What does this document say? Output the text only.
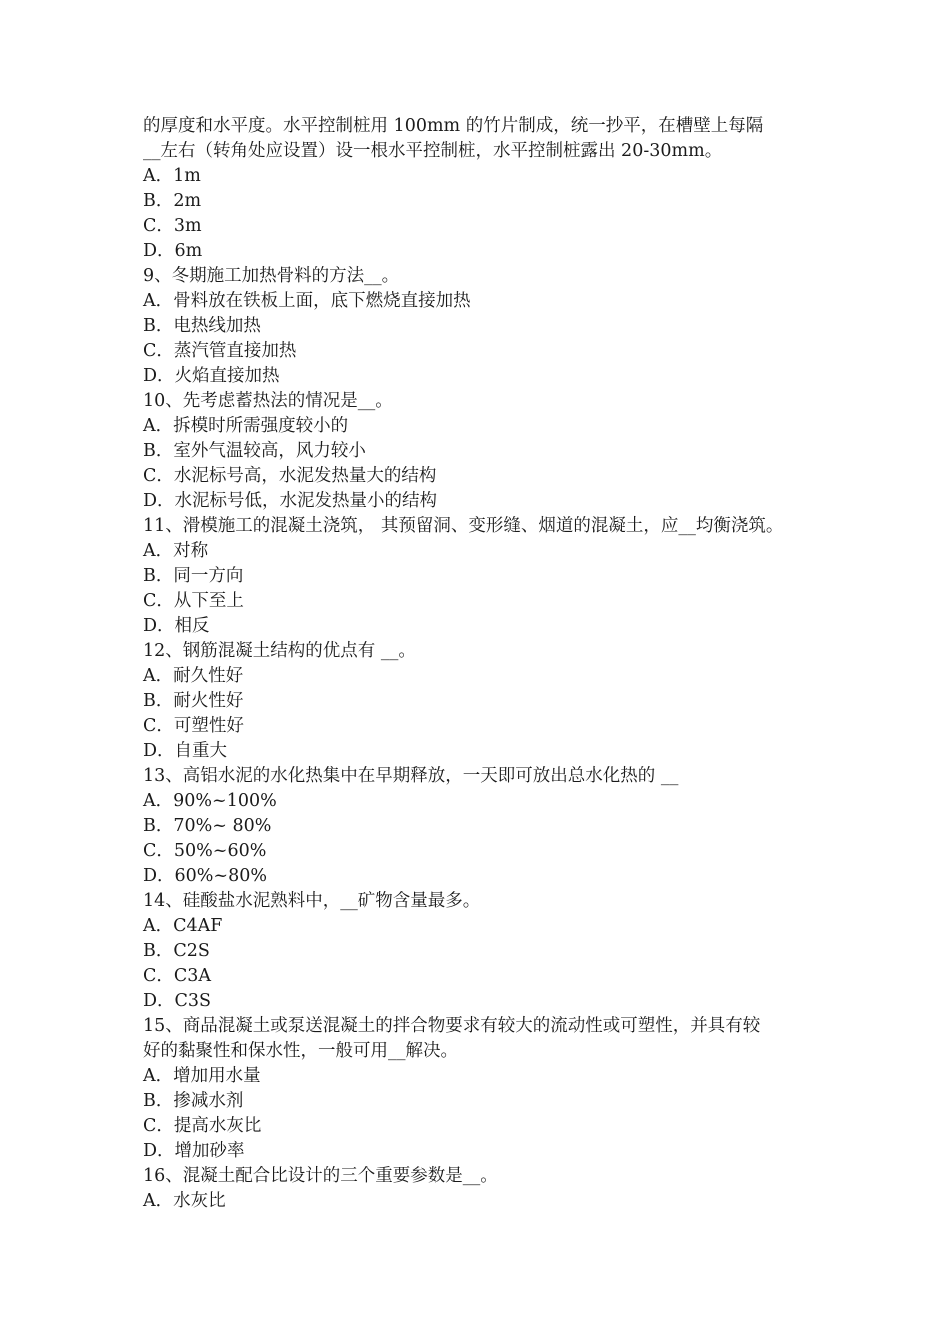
的厚度和水平度。水平控制桩用 100mm 的竹片制成，统一抄平，在槽壁上每隔
__左右（转角处应设置）设一根水平控制桩，水平控制桩露出 20-30mm。
A．1m
B．2m
C．3m
D．6m
9、冬期施工加热骨料的方法__。
A．骨料放在铁板上面，底下燃烧直接加热
B．电热线加热
C．蒸汽管直接加热
D．火焰直接加热
10、先考虑蓄热法的情况是__。
A．拆模时所需强度较小的
B．室外气温较高，风力较小
C．水泥标号高，水泥发热量大的结构
D．水泥标号低，水泥发热量小的结构
11、滑模施工的混凝土浇筑， 其预留洞、变形缝、烟道的混凝土，应__均衡浇筑。
A．对称
B．同一方向
C．从下至上
D．相反
12、钢筋混凝土结构的优点有 __。
A．耐久性好
B．耐火性好
C．可塑性好
D．自重大
13、高铝水泥的水化热集中在早期释放，一天即可放出总水化热的 __
A．90%~100%
B．70%~ 80%
C．50%~60%
D．60%~80%
14、硅酸盐水泥熟料中，__矿物含量最多。
A．C4AF
B．C2S
C．C3A
D．C3S
15、商品混凝土或泵送混凝土的拌合物要求有较大的流动性或可塑性，并具有较
好的黏聚性和保水性，一般可用__解决。
A．增加用水量
B．掺减水剂
C．提高水灰比
D．增加砂率
16、混凝土配合比设计的三个重要参数是__。
A．水灰比
